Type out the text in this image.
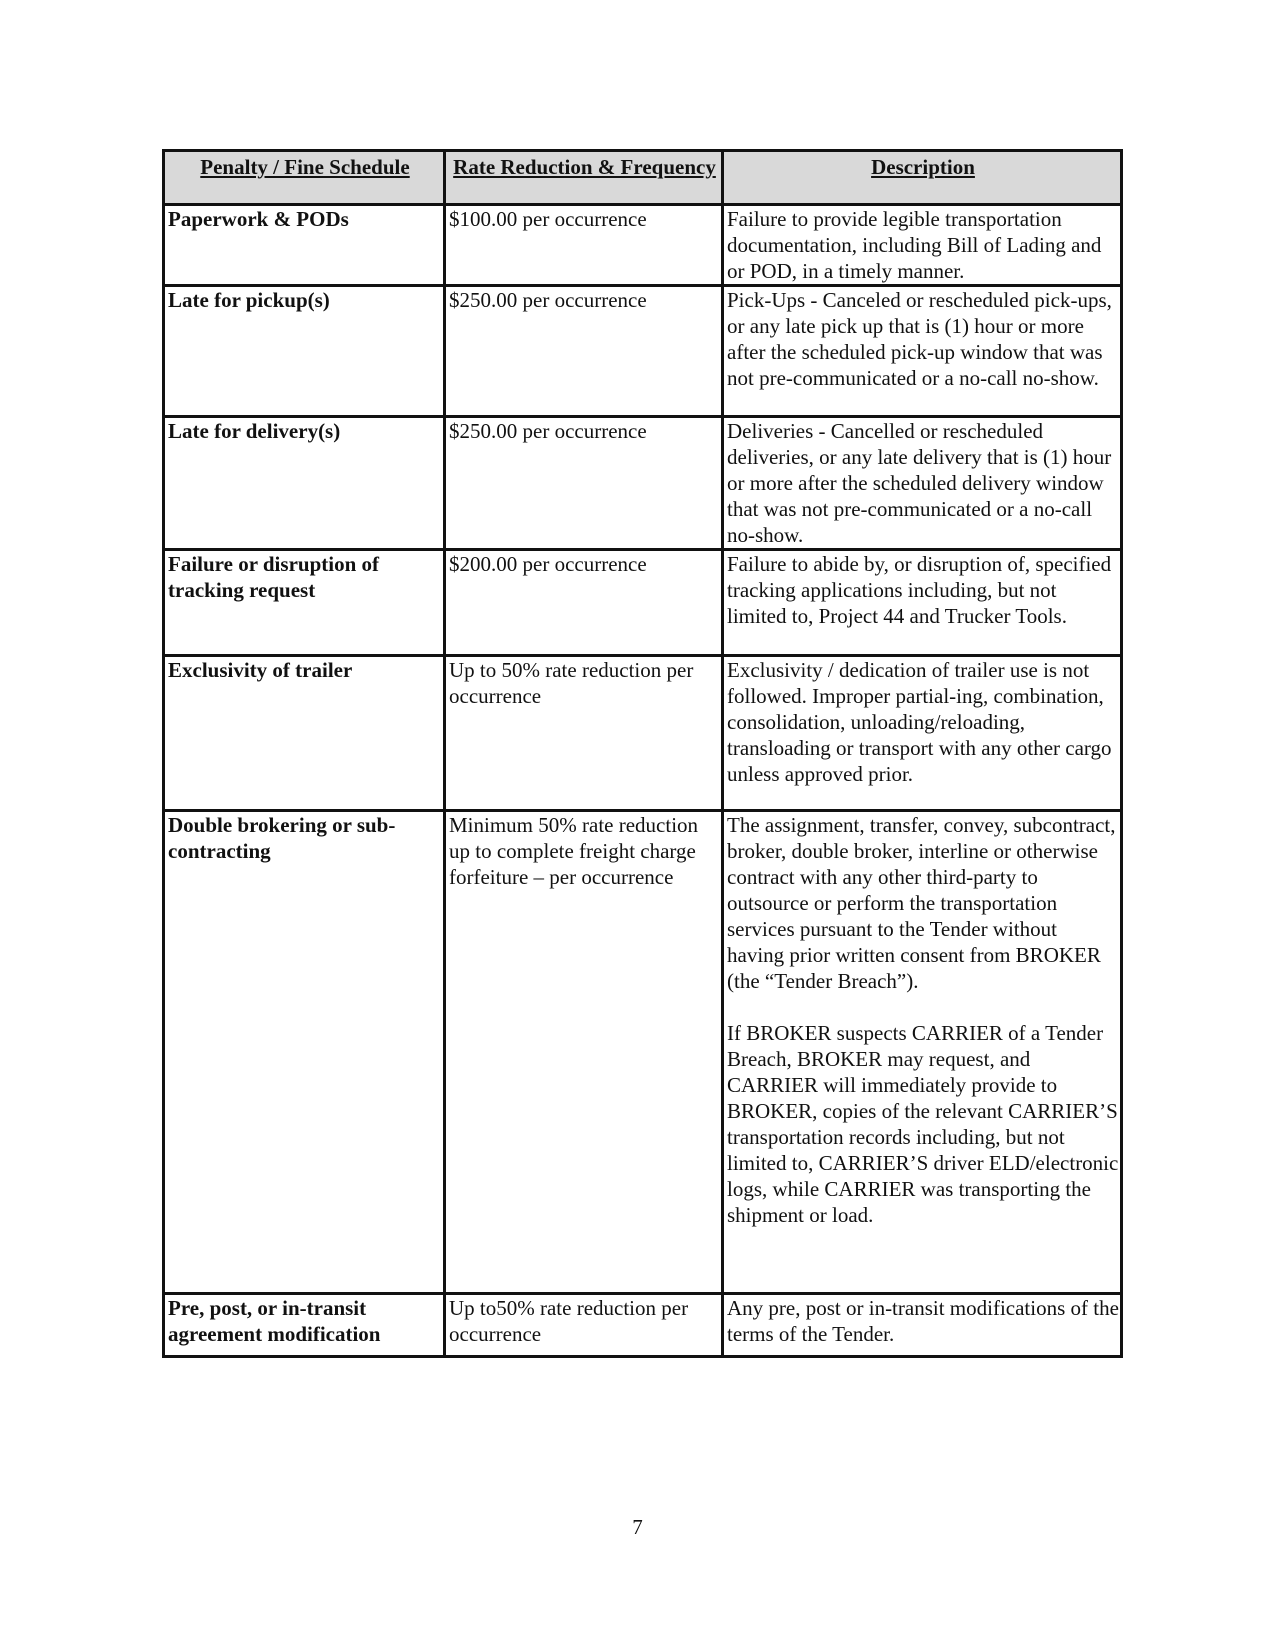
Penalty / Fine Schedule	Rate Reduction & Frequency	Description
Paperwork & PODs	$100.00 per occurrence	Failure to provide legible transportation documentation, including Bill of Lading and or POD, in a timely manner.

Late for pickup(s)	$250.00 per occurrence	Pick-Ups - Canceled or rescheduled pick-ups, or any late pick up that is (1) hour or more after the scheduled pick-up window that was not pre-communicated or a no-call no-show.

Late for delivery(s)	$250.00 per occurrence	Deliveries - Cancelled or rescheduled deliveries, or any late delivery that is (1) hour or more after the scheduled delivery window that was not pre-communicated or a no-call no-show.

Failure or disruption of tracking request	$200.00 per occurrence	Failure to abide by, or disruption of, specified tracking applications including, but not limited to, Project 44 and Trucker Tools.

Exclusivity of trailer	Up to 50% rate reduction per occurrence	Exclusivity / dedication of trailer use is not followed. Improper partial-ing, combination, consolidation, unloading/reloading, transloading or transport with any other cargo unless approved prior.

Double brokering or sub-contracting	Minimum 50% rate reduction up to complete freight charge forfeiture – per occurrence	The assignment, transfer, convey, subcontract, broker, double broker, interline or otherwise contract with any other third-party to outsource or perform the transportation services pursuant to the Tender without having prior written consent from BROKER (the “Tender Breach”).

If BROKER suspects CARRIER of a Tender Breach, BROKER may request, and CARRIER will immediately provide to BROKER, copies of the relevant CARRIER’S transportation records including, but not limited to, CARRIER’S driver ELD/electronic logs, while CARRIER was transporting the shipment or load.

Pre, post, or in-transit agreement modification	Up to50% rate reduction per occurrence	Any pre, post or in-transit modifications of the terms of the Tender.

7
